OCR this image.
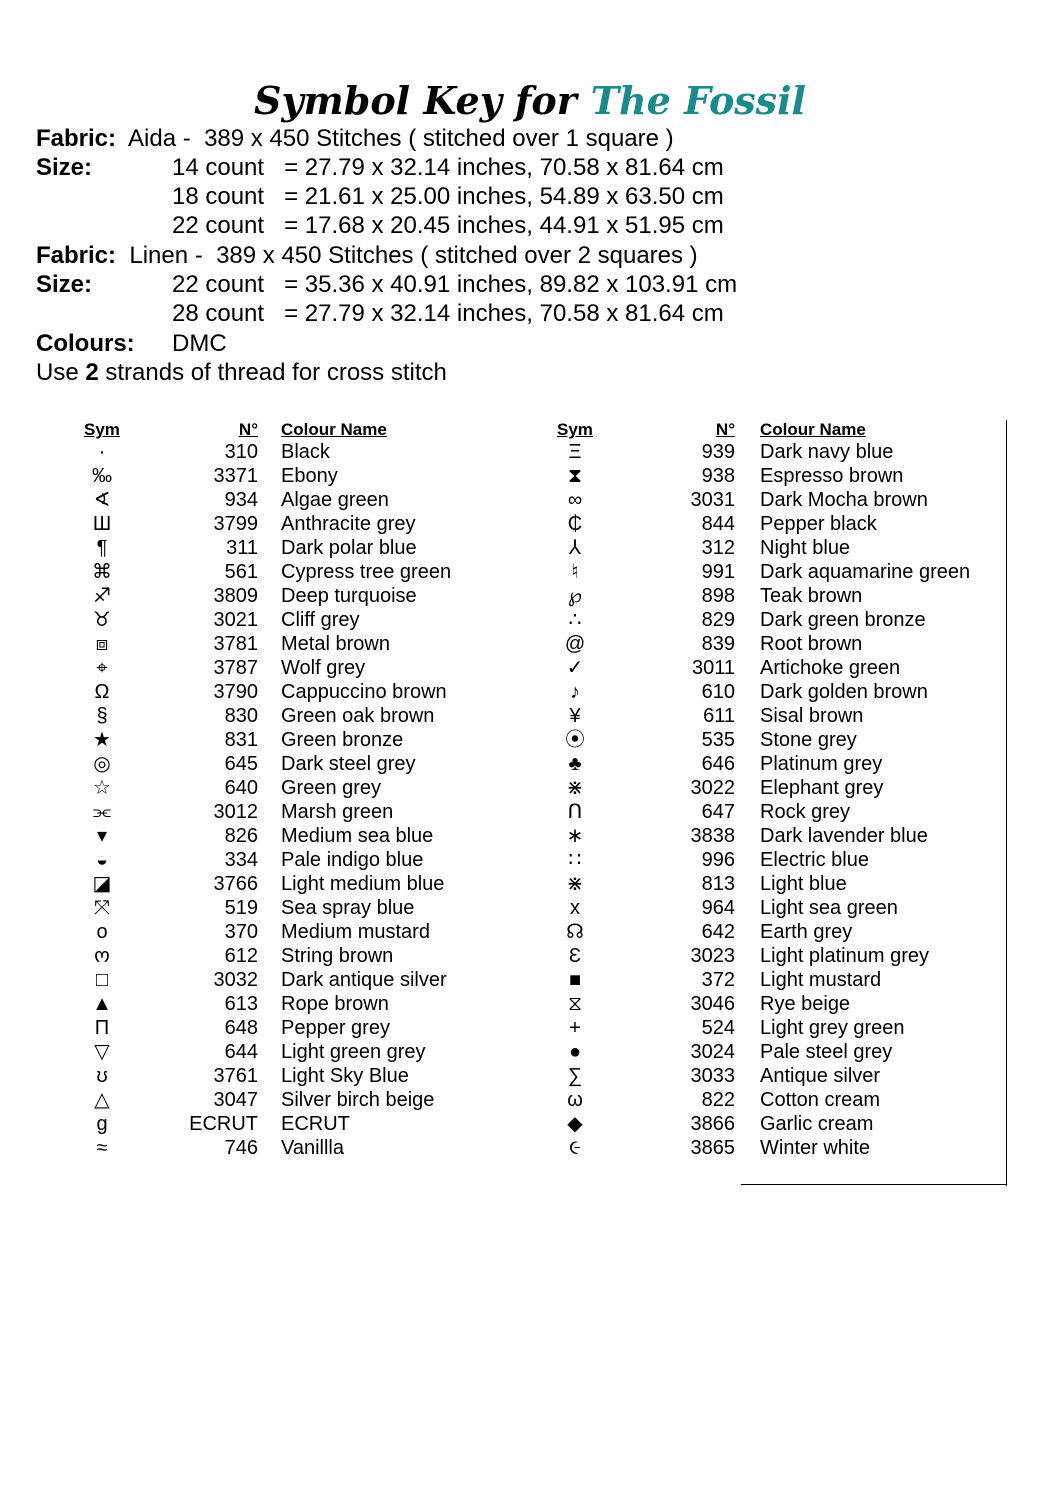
Symbol Key for The Fossil
Fabric: Aida -  389 x 450 Stitches ( stitched over 1 square )
Size:	14 count = 27.79 x 32.14 inches, 70.58 x 81.64 cm
18 count = 21.61 x 25.00 inches, 54.89 x 63.50 cm
22 count = 17.68 x 20.45 inches, 44.91 x 51.95 cm
Fabric: Linen -  389 x 450 Stitches ( stitched over 2 squares )
Size:	22 count = 35.36 x 40.91 inches, 89.82 x 103.91 cm
28 count = 27.79 x 32.14 inches, 70.58 x 81.64 cm
Colours: DMC
Use 2 strands of thread for cross stitch
Sym	N° Colour Name	Sym	N° Colour Name
·	310 Black
‰	3371 Ebony
∢	934 Algae green
Ш	3799 Anthracite grey
¶	311 Dark polar blue
⌘	561 Cypress tree green
♐	3809 Deep turquoise
♉	3021 Cliff grey
⧈	3781 Metal brown
⌖	3787 Wolf grey
Ω	3790 Cappuccino brown
§	830 Green oak brown
★	831 Green bronze
◎	645 Dark steel grey
☆	640 Green grey
⫘	3012 Marsh green
▾	826 Medium sea blue
◒	334 Pale indigo blue
◪	3766 Light medium blue
⤧	519 Sea spray blue
o	370 Medium mustard
ო	612 String brown
□	3032 Dark antique silver
▲	613 Rope brown
Π	648 Pepper grey
▽	644 Light green grey
ʊ	3761 Light Sky Blue
△	3047 Silver birch beige
g	ECRUT ECRUT
≈	746 Vanillla
Ξ	939 Dark navy blue
⧗	938 Espresso brown
∞	3031 Dark Mocha brown
₵	844 Pepper black
⅄	312 Night blue
♮	991 Dark aquamarine green
℘	898 Teak brown
∴	829 Dark green bronze
@	839 Root brown
✓	3011 Artichoke green
♪	610 Dark golden brown
¥	611 Sisal brown
⦿	535 Stone grey
♣	646 Platinum grey
⋇	3022 Elephant grey
ᑎ	647 Rock grey
∗	3838 Dark lavender blue
∷	996 Electric blue
⋇	813 Light blue
x	964 Light sea green
☊	642 Earth grey
Ɛ	3023 Light platinum grey
■	372 Light mustard
⧖	3046 Rye beige
+	524 Light grey green
●	3024 Pale steel grey
∑	3033 Antique silver
ω	822 Cotton cream
◆	3866 Garlic cream
૯	3865 Winter white
